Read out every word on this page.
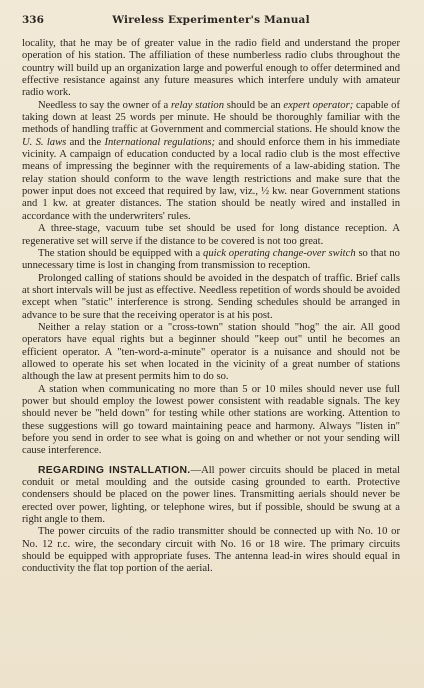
336	Wireless Experimenter's Manual

locality, that he may be of greater value in the radio field and understand the proper operation of his station. The affiliation of these numberless radio clubs throughout the country will build up an organization large and powerful enough to offer determined and effective resistance against any future measures which interfere unduly with amateur radio work.

Needless to say the owner of a relay station should be an expert operator; capable of taking down at least 25 words per minute. He should be thoroughly familiar with the methods of handling traffic at Government and commercial stations. He should know the U. S. laws and the International regulations; and should enforce them in his immediate vicinity. A campaign of education conducted by a local radio club is the most effective means of impressing the beginner with the requirements of a law-abiding station. The relay station should conform to the wave length restrictions and make sure that the power input does not exceed that required by law, viz., ½ kw. near Government stations and 1 kw. at greater distances. The station should be neatly wired and installed in accordance with the underwriters' rules.

A three-stage, vacuum tube set should be used for long distance reception. A regenerative set will serve if the distance to be covered is not too great.

The station should be equipped with a quick operating change-over switch so that no unnecessary time is lost in changing from transmission to reception.

Prolonged calling of stations should be avoided in the despatch of traffic. Brief calls at short intervals will be just as effective. Needless repetition of words should be avoided except when "static" interference is strong. Sending schedules should be arranged in advance to be sure that the receiving operator is at his post.

Neither a relay station or a "cross-town" station should "hog" the air. All good operators have equal rights but a beginner should "keep out" until he becomes an efficient operator. A "ten-word-a-minute" operator is a nuisance and should not be allowed to operate his set when located in the vicinity of a great number of stations although the law at present permits him to do so.

A station when communicating no more than 5 or 10 miles should never use full power but should employ the lowest power consistent with readable signals. The key should never be "held down" for testing while other stations are working. Attention to these suggestions will go toward maintaining peace and harmony. Always "listen in" before you send in order to see what is going on and whether or not your sending will cause interference.

REGARDING INSTALLATION.—All power circuits should be placed in metal conduit or metal moulding and the outside casing grounded to earth. Protective condensers should be placed on the power lines. Transmitting aerials should never be erected over power, lighting, or telephone wires, but if possible, should be swung at a right angle to them.

The power circuits of the radio transmitter should be connected up with No. 10 or No. 12 r.c. wire, the secondary circuit with No. 16 or 18 wire. The primary circuits should be equipped with appropriate fuses. The antenna lead-in wires should equal in conductivity the flat top portion of the aerial.
